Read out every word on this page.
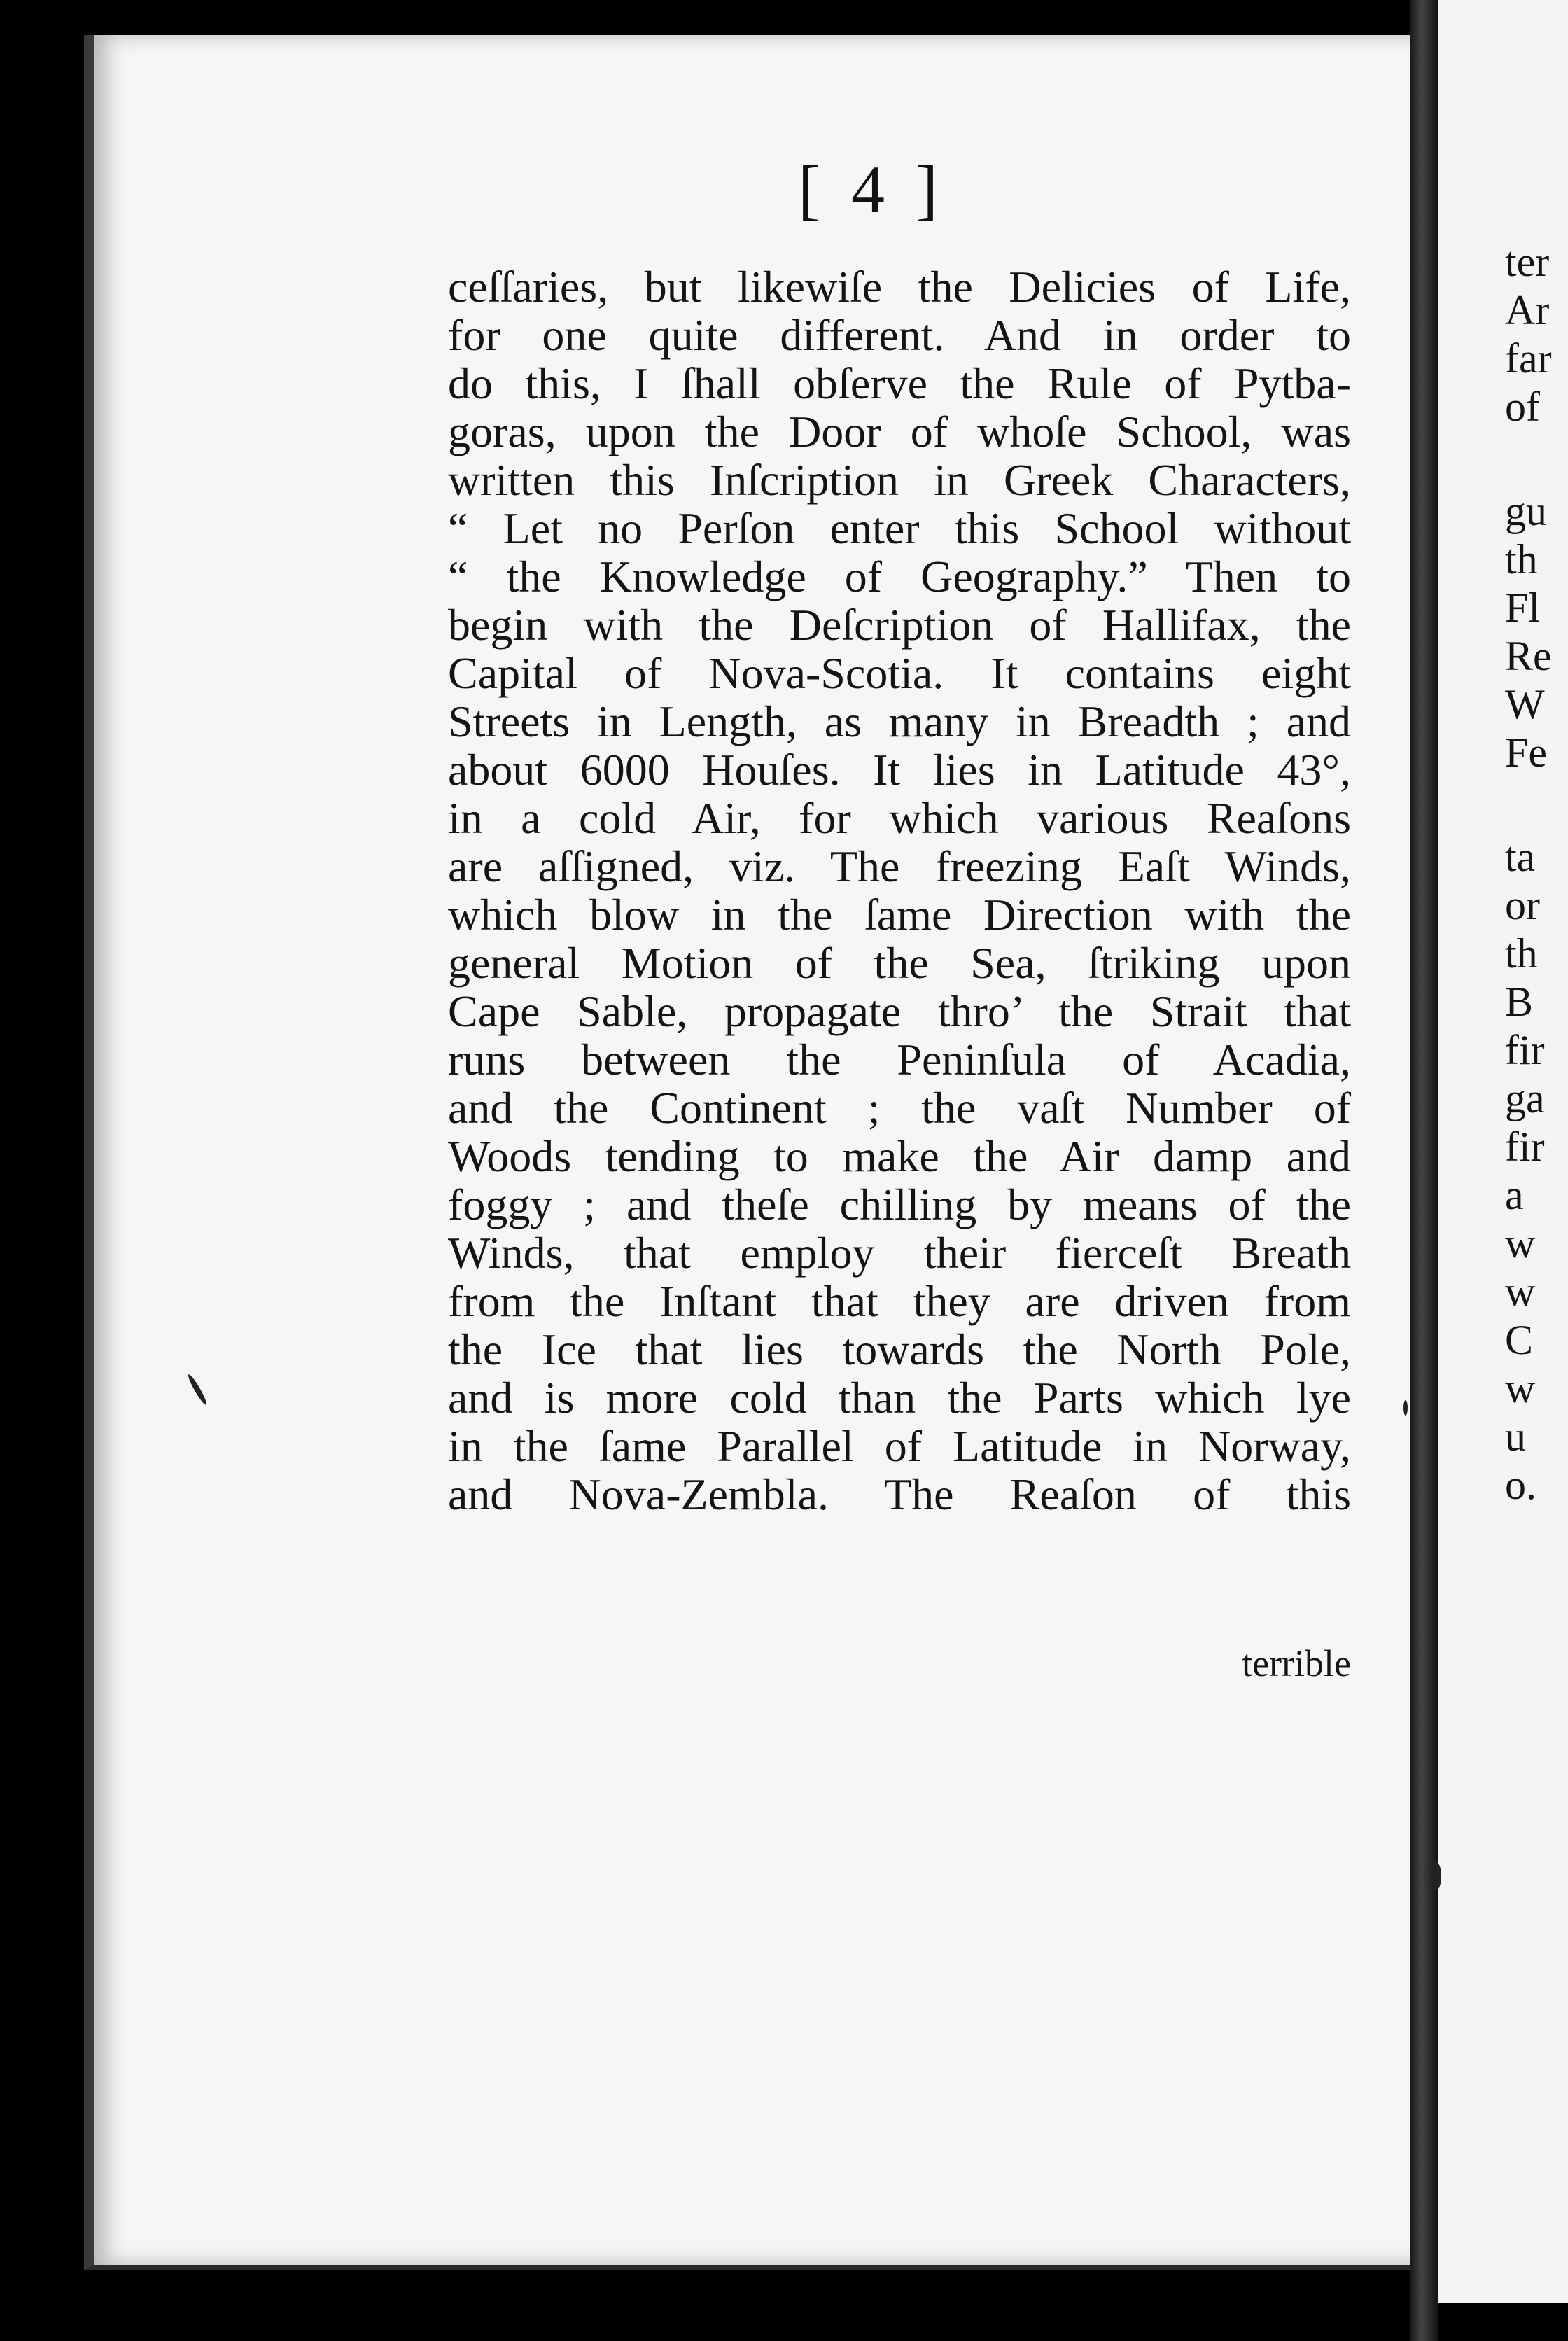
[ 4 ]
ceſſaries, but likewiſe the Delicies of Life,
for one quite different. And in order to
do this, I ſhall obſerve the Rule of Pytba-
goras, upon the Door of whoſe School, was
written this Inſcription in Greek Characters,
“ Let no Perſon enter this School without
“ the Knowledge of Geography.” Then to
begin with the Deſcription of Hallifax, the
Capital of Nova-Scotia. It contains eight
Streets in Length, as many in Breadth ; and
about 6000 Houſes. It lies in Latitude 43°,
in a cold Air, for which various Reaſons
are aſſigned, viz. The freezing Eaſt Winds,
which blow in the ſame Direction with the
general Motion of the Sea, ſtriking upon
Cape Sable, propagate thro’ the Strait that
runs between the Peninſula of Acadia,
and the Continent ; the vaſt Number of
Woods tending to make the Air damp and
foggy ; and theſe chilling by means of the
Winds, that employ their fierceſt Breath
from the Inſtant that they are driven from
the Ice that lies towards the North Pole,
and is more cold than the Parts which lye
in the ſame Parallel of Latitude in Norway,
and Nova-Zembla. The Reaſon of this
terrible
ter
Ar
far
of
gu
th
Fl
Re
W
Fe
ta
or
th
B
fir
ga
fir
a
w
w
C
w
u
o.
